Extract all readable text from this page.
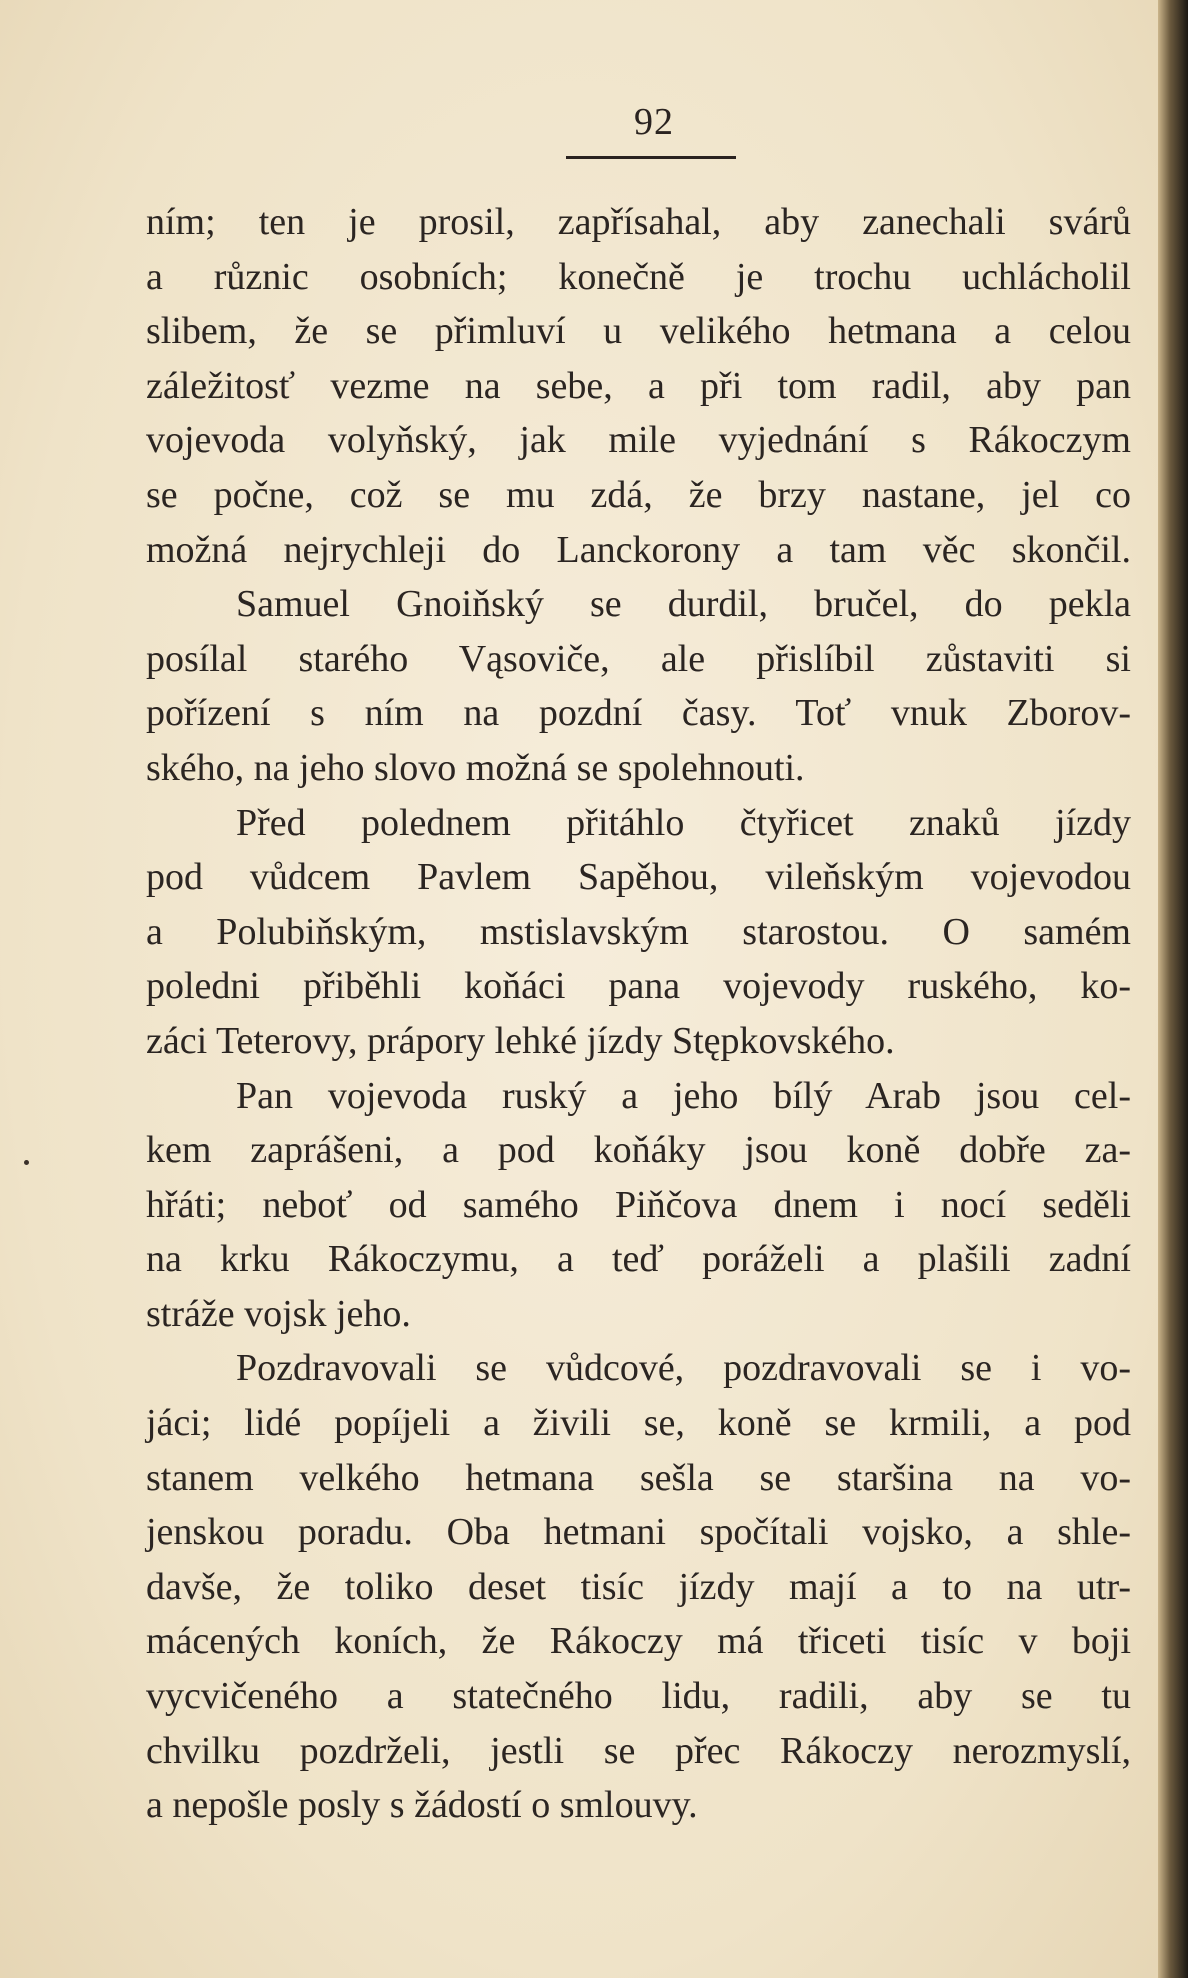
92
ním; ten je prosil, zapřísahal, aby zanechali svárů
a různic osobních; konečně je trochu uchlácholil
slibem, že se přimluví u velikého hetmana a celou
záležitosť vezme na sebe, a při tom radil, aby pan
vojevoda volyňský, jak mile vyjednání s Rákoczym
se počne, což se mu zdá, že brzy nastane, jel co
možná nejrychleji do Lanckorony a tam věc skončil.
Samuel Gnoiňský se durdil, bručel, do pekla
posílal starého Vąsoviče, ale přislíbil zůstaviti si
pořízení s ním na pozdní časy. Toť vnuk Zborov-
ského, na jeho slovo možná se spolehnouti.
Před polednem přitáhlo čtyřicet znaků jízdy
pod vůdcem Pavlem Sapěhou, vileňským vojevodou
a Polubiňským, mstislavským starostou. O samém
poledni přiběhli koňáci pana vojevody ruského, ko-
záci Teterovy, prápory lehké jízdy Stępkovského.
Pan vojevoda ruský a jeho bílý Arab jsou cel-
kem zaprášeni, a pod koňáky jsou koně dobře za-
hřáti; neboť od samého Piňčova dnem i nocí seděli
na krku Rákoczymu, a teď poráželi a plašili zadní
stráže vojsk jeho.
Pozdravovali se vůdcové, pozdravovali se i vo-
jáci; lidé popíjeli a živili se, koně se krmili, a pod
stanem velkého hetmana sešla se staršina na vo-
jenskou poradu. Oba hetmani spočítali vojsko, a shle-
davše, že toliko deset tisíc jízdy mají a to na utr-
mácených koních, že Rákoczy má třiceti tisíc v boji
vycvičeného a statečného lidu, radili, aby se tu
chvilku pozdrželi, jestli se přec Rákoczy nerozmyslí,
a nepošle posly s žádostí o smlouvy.
